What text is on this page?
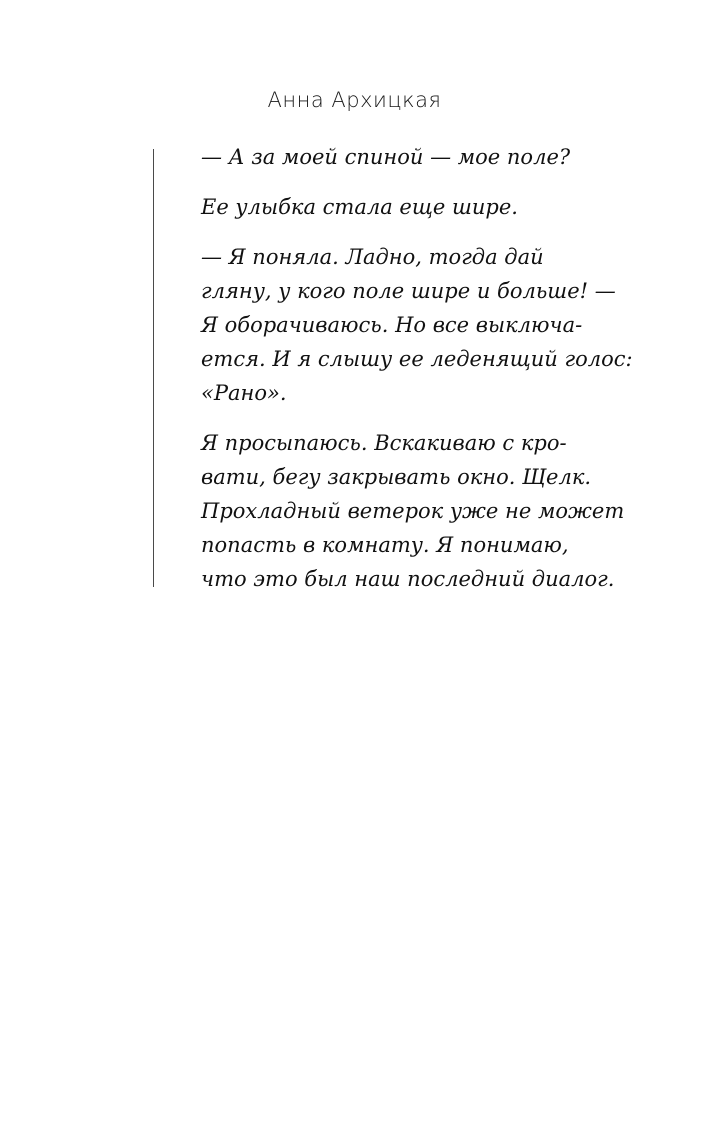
Анна Архицкая

— А за моей спиной — мое поле?

Ее улыбка стала еще шире.

— Я поняла. Ладно, тогда дай
гляну, у кого поле шире и больше! —
Я оборачиваюсь. Но все выключа-
ется. И я слышу ее леденящий голос:
«Рано».

Я просыпаюсь. Вскакиваю с кро-
вати, бегу закрывать окно. Щелк.
Прохладный ветерок уже не может
попасть в комнату. Я понимаю,
что это был наш последний диалог.
